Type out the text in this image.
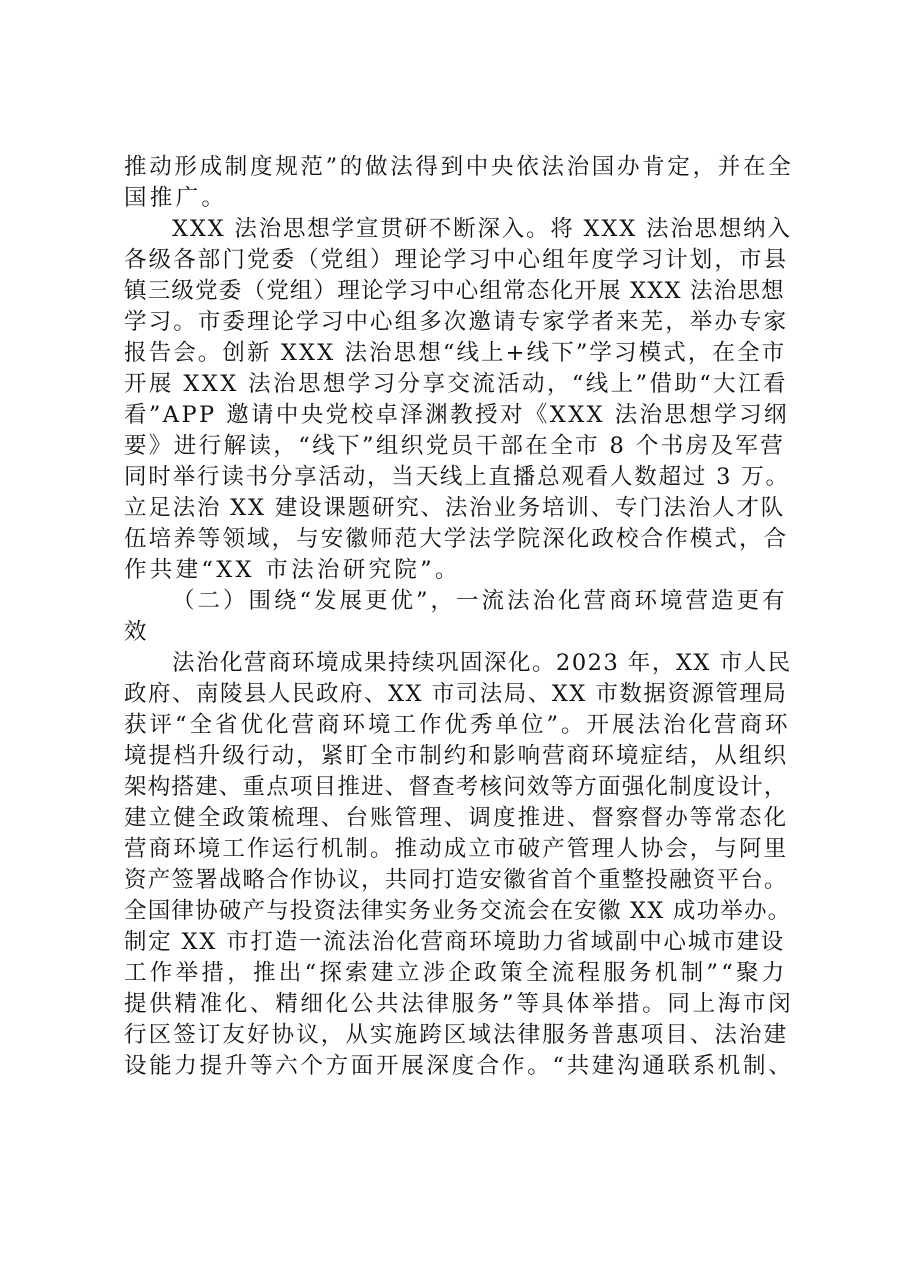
推动形成制度规范”的做法得到中央依法治国办肯定，并在全
国推广。
XXX 法治思想学宣贯研不断深入。将 XXX 法治思想纳入
各级各部门党委（党组）理论学习中心组年度学习计划，市县
镇三级党委（党组）理论学习中心组常态化开展 XXX 法治思想
学习。市委理论学习中心组多次邀请专家学者来芜，举办专家
报告会。创新 XXX 法治思想“线上+线下”学习模式，在全市
开展 XXX 法治思想学习分享交流活动，“线上”借助“大江看
看”APP 邀请中央党校卓泽渊教授对《XXX 法治思想学习纲
要》进行解读，“线下”组织党员干部在全市 8 个书房及军营
同时举行读书分享活动，当天线上直播总观看人数超过 3 万。
立足法治 XX 建设课题研究、法治业务培训、专门法治人才队
伍培养等领域，与安徽师范大学法学院深化政校合作模式，合
作共建“XX 市法治研究院”。
（二）围绕“发展更优”，一流法治化营商环境营造更有
效
法治化营商环境成果持续巩固深化。2023 年，XX 市人民
政府、南陵县人民政府、XX 市司法局、XX 市数据资源管理局
获评“全省优化营商环境工作优秀单位”。开展法治化营商环
境提档升级行动，紧盯全市制约和影响营商环境症结，从组织
架构搭建、重点项目推进、督查考核问效等方面强化制度设计，
建立健全政策梳理、台账管理、调度推进、督察督办等常态化
营商环境工作运行机制。推动成立市破产管理人协会，与阿里
资产签署战略合作协议，共同打造安徽省首个重整投融资平台。
全国律协破产与投资法律实务业务交流会在安徽 XX 成功举办。
制定 XX 市打造一流法治化营商环境助力省域副中心城市建设
工作举措，推出“探索建立涉企政策全流程服务机制”“聚力
提供精准化、精细化公共法律服务”等具体举措。同上海市闵
行区签订友好协议，从实施跨区域法律服务普惠项目、法治建
设能力提升等六个方面开展深度合作。“共建沟通联系机制、
